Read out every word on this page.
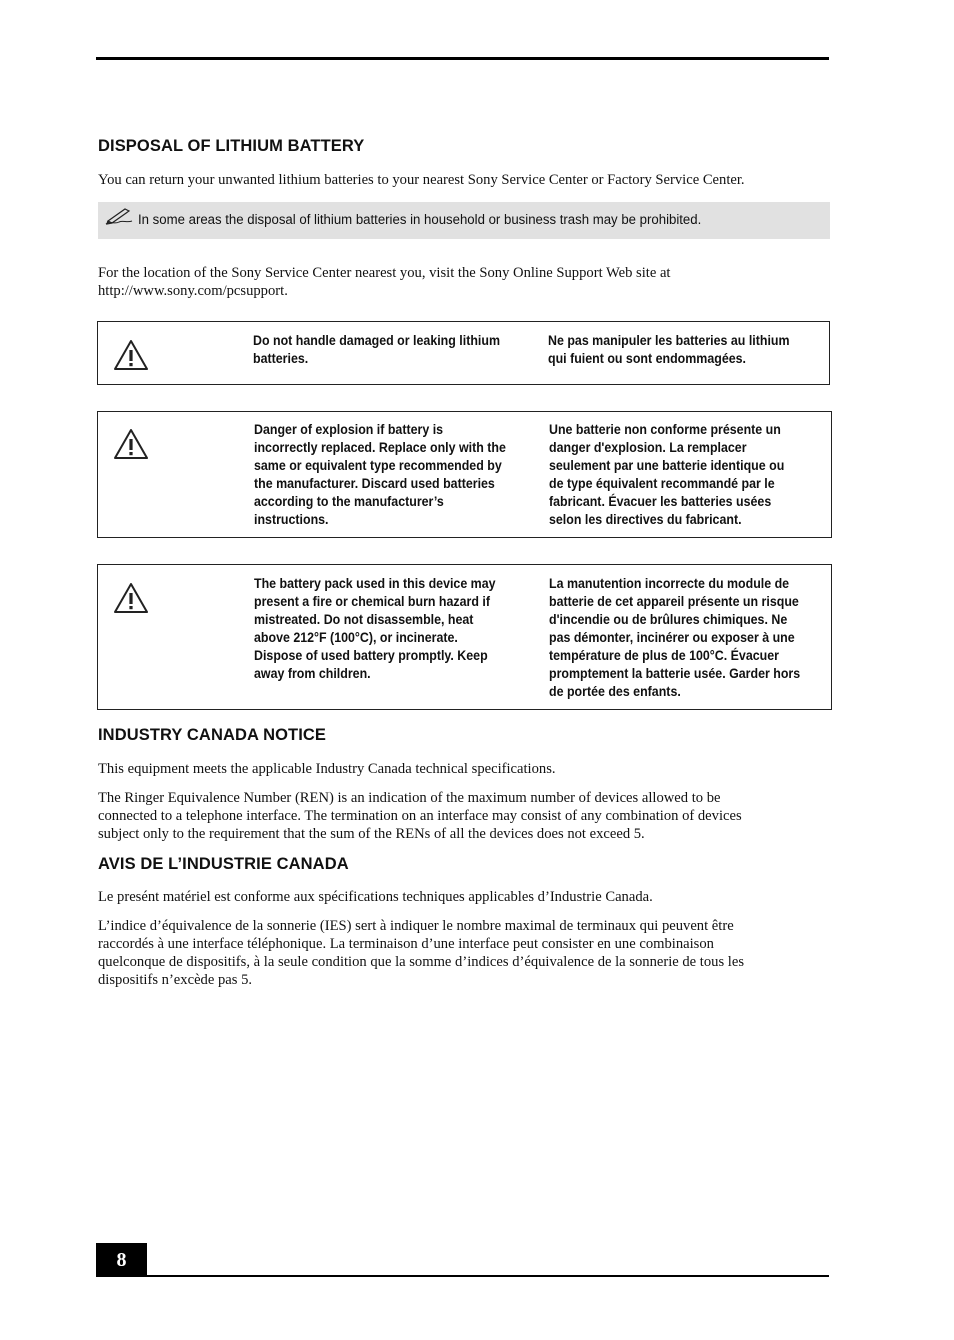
DISPOSAL OF LITHIUM BATTERY

You can return your unwanted lithium batteries to your nearest Sony Service Center or Factory Service Center.

In some areas the disposal of lithium batteries in household or business trash may be prohibited.

For the location of the Sony Service Center nearest you, visit the Sony Online Support Web site at
http://www.sony.com/pcsupport.

Do not handle damaged or leaking lithium
batteries.
Ne pas manipuler les batteries au lithium
qui fuient ou sont endommagées.
Danger of explosion if battery is
incorrectly replaced. Replace only with the
same or equivalent type recommended by
the manufacturer. Discard used batteries
according to the manufacturer’s
instructions.
Une batterie non conforme présente un
danger d'explosion. La remplacer
seulement par une batterie identique ou
de type équivalent recommandé par le
fabricant. Évacuer les batteries usées
selon les directives du fabricant.
The battery pack used in this device may
present a fire or chemical burn hazard if
mistreated. Do not disassemble, heat
above 212°F (100°C), or incinerate.
Dispose of used battery promptly. Keep
away from children.
La manutention incorrecte du module de
batterie de cet appareil présente un risque
d'incendie ou de brûlures chimiques. Ne
pas démonter, incinérer ou exposer à une
température de plus de 100°C. Évacuer
promptement la batterie usée. Garder hors
de portée des enfants.
INDUSTRY CANADA NOTICE

This equipment meets the applicable Industry Canada technical specifications.

The Ringer Equivalence Number (REN) is an indication of the maximum number of devices allowed to be
connected to a telephone interface. The termination on an interface may consist of any combination of devices
subject only to the requirement that the sum of the RENs of all the devices does not exceed 5.

AVIS DE L’INDUSTRIE CANADA

Le presént matériel est conforme aux spécifications techniques applicables d’Industrie Canada.

L’indice d’équivalence de la sonnerie (IES) sert à indiquer le nombre maximal de terminaux qui peuvent être
raccordés à une interface téléphonique. La terminaison d’une interface peut consister en une combinaison
quelconque de dispositifs, à la seule condition que la somme d’indices d’équivalence de la sonnerie de tous les
dispositifs n’excède pas 5.

8
